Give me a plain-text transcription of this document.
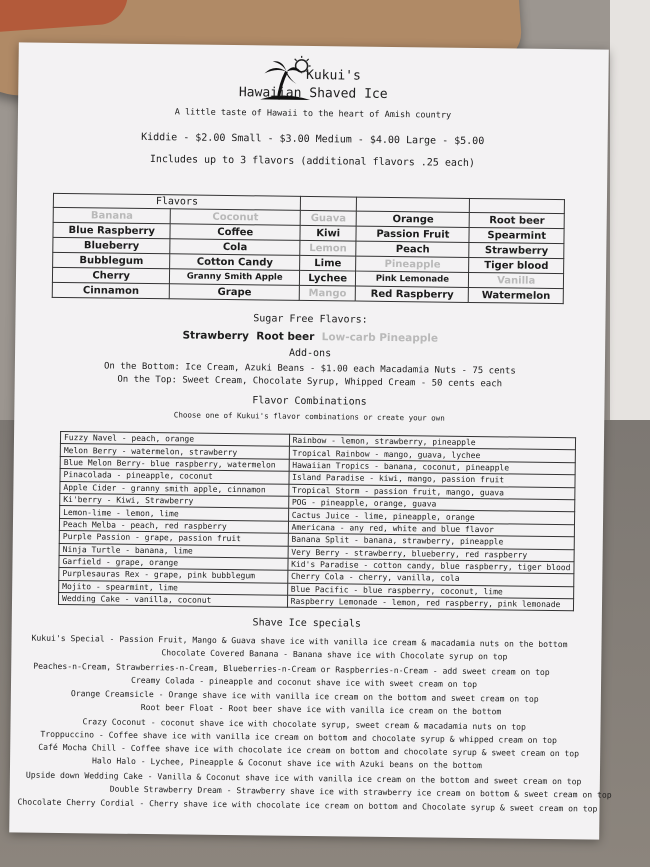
Kukui's
Hawaiian Shaved Ice
A little taste of Hawaii to the heart of Amish country
Kiddie - $2.00 Small - $3.00 Medium - $4.00 Large - $5.00
Includes up to 3 flavors (additional flavors .25 each)
Flavors				
Banana	Coconut	Guava	Orange	Root beer
Blue Raspberry	Coffee	Kiwi	Passion Fruit	Spearmint
Blueberry	Cola	Lemon	Peach	Strawberry
Bubblegum	Cotton Candy	Lime	Pineapple	Tiger blood
Cherry	Granny Smith Apple	Lychee	Pink Lemonade	Vanilla
Cinnamon	Grape	Mango	Red Raspberry	Watermelon
Sugar Free Flavors:
Strawberry Root beer Low-carb Pineapple
Add-ons
On the Bottom: Ice Cream, Azuki Beans - $1.00 each Macadamia Nuts - 75 cents
On the Top: Sweet Cream, Chocolate Syrup, Whipped Cream - 50 cents each
Flavor Combinations
Choose one of Kukui's flavor combinations or create your own
Fuzzy Navel - peach, orange	Rainbow - lemon, strawberry, pineapple
Melon Berry - watermelon, strawberry	Tropical Rainbow - mango, guava, lychee
Blue Melon Berry- blue raspberry, watermelon	Hawaiian Tropics - banana, coconut, pineapple
Pinacolada - pineapple, coconut	Island Paradise - kiwi, mango, passion fruit
Apple Cider - granny smith apple, cinnamon	Tropical Storm - passion fruit, mango, guava
Ki'berry - Kiwi, Strawberry	POG - pineapple, orange, guava
Lemon-lime - lemon, lime	Cactus Juice - lime, pineapple, orange
Peach Melba - peach, red raspberry	Americana - any red, white and blue flavor
Purple Passion - grape, passion fruit	Banana Split - banana, strawberry, pineapple
Ninja Turtle - banana, lime	Very Berry - strawberry, blueberry, red raspberry
Garfield - grape, orange	Kid's Paradise - cotton candy, blue raspberry, tiger blood
Purplesauras Rex - grape, pink bubblegum	Cherry Cola - cherry, vanilla, cola
Mojito - spearmint, lime	Blue Pacific - blue raspberry, coconut, lime
Wedding Cake - vanilla, coconut	Raspberry Lemonade - lemon, red raspberry, pink lemonade
Shave Ice specials
Kukui's Special - Passion Fruit, Mango & Guava shave ice with vanilla ice cream & macadamia nuts on the bottom
Chocolate Covered Banana - Banana shave ice with Chocolate syrup on top
Peaches-n-Cream, Strawberries-n-Cream, Blueberries-n-Cream or Raspberries-n-Cream - add sweet cream on top
Creamy Colada - pineapple and coconut shave ice with sweet cream on top
Orange Creamsicle - Orange shave ice with vanilla ice cream on the bottom and sweet cream on top
Root beer Float - Root beer shave ice with vanilla ice cream on the bottom
Crazy Coconut - coconut shave ice with chocolate syrup, sweet cream & macadamia nuts on top
Troppuccino - Coffee shave ice with vanilla ice cream on bottom and chocolate syrup & whipped cream on top
Café Mocha Chill - Coffee shave ice with chocolate ice cream on bottom and chocolate syrup & sweet cream on top
Halo Halo - Lychee, Pineapple & Coconut shave ice with Azuki beans on the bottom
Upside down Wedding Cake - Vanilla & Coconut shave ice with vanilla ice cream on the bottom and sweet cream on top
Double Strawberry Dream - Strawberry shave ice with strawberry ice cream on bottom & sweet cream on top
Chocolate Cherry Cordial - Cherry shave ice with chocolate ice cream on bottom and Chocolate syrup & sweet cream on top
